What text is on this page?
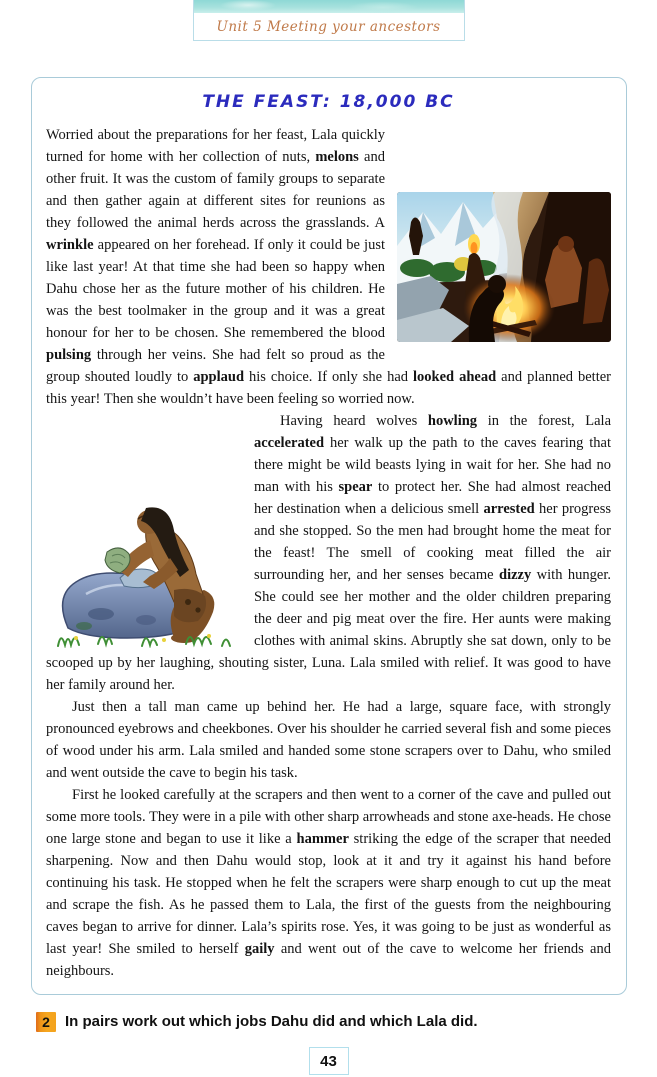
Unit 5 Meeting your ancestors
THE FEAST: 18,000 BC

Worried about the preparations for her feast, Lala quickly turned for home with her collection of nuts, melons and other fruit. It was the custom of family groups to separate and then gather again at different sites for reunions as they followed the animal herds across the grasslands. A wrinkle appeared on her forehead. If only it could be just like last year! At that time she had been so happy when Dahu chose her as the future mother of his children. He was the best toolmaker in the group and it was a great honour for her to be chosen. She remembered the blood pulsing through her veins. She had felt so proud as the group shouted loudly to applaud his choice. If only she had looked ahead and planned better this year! Then she wouldn’t have been feeling so worried now.

Having heard wolves howling in the forest, Lala accelerated her walk up the path to the caves fearing that there might be wild beasts lying in wait for her. She had no man with his spear to protect her. She had almost reached her destination when a delicious smell arrested her progress and she stopped. So the men had brought home the meat for the feast! The smell of cooking meat filled the air surrounding her, and her senses became dizzy with hunger. She could see her mother and the older children preparing the deer and pig meat over the fire. Her aunts were making clothes with animal skins. Abruptly she sat down, only to be scooped up by her laughing, shouting sister, Luna. Lala smiled with relief. It was good to have her family around her.

Just then a tall man came up behind her. He had a large, square face, with strongly pronounced eyebrows and cheekbones. Over his shoulder he carried several fish and some pieces of wood under his arm. Lala smiled and handed some stone scrapers over to Dahu, who smiled and went outside the cave to begin his task.

First he looked carefully at the scrapers and then went to a corner of the cave and pulled out some more tools. They were in a pile with other sharp arrowheads and stone axe-heads. He chose one large stone and began to use it like a hammer striking the edge of the scraper that needed sharpening. Now and then Dahu would stop, look at it and try it against his hand before continuing his task. He stopped when he felt the scrapers were sharp enough to cut up the meat and scrape the fish. As he passed them to Lala, the first of the guests from the neighbouring caves began to arrive for dinner. Lala’s spirits rose. Yes, it was going to be just as wonderful as last year! She smiled to herself gaily and went out of the cave to welcome her friends and neighbours.

2	In pairs work out which jobs Dahu did and which Lala did.
43
